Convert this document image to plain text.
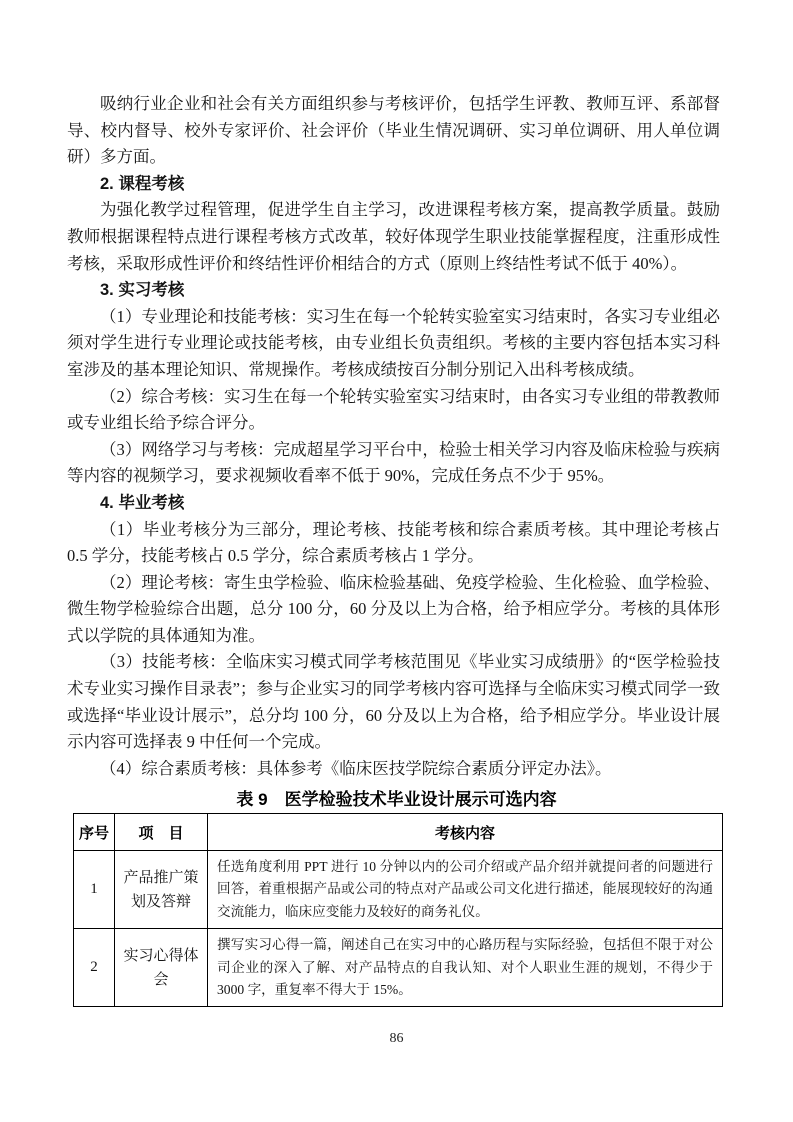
吸纳行业企业和社会有关方面组织参与考核评价，包括学生评教、教师互评、系部督导、校内督导、校外专家评价、社会评价（毕业生情况调研、实习单位调研、用人单位调研）多方面。

2. 课程考核

为强化教学过程管理，促进学生自主学习，改进课程考核方案，提高教学质量。鼓励教师根据课程特点进行课程考核方式改革，较好体现学生职业技能掌握程度，注重形成性考核，采取形成性评价和终结性评价相结合的方式（原则上终结性考试不低于 40%）。

3. 实习考核

（1）专业理论和技能考核：实习生在每一个轮转实验室实习结束时，各实习专业组必须对学生进行专业理论或技能考核，由专业组长负责组织。考核的主要内容包括本实习科室涉及的基本理论知识、常规操作。考核成绩按百分制分别记入出科考核成绩。

（2）综合考核：实习生在每一个轮转实验室实习结束时，由各实习专业组的带教教师或专业组长给予综合评分。

（3）网络学习与考核：完成超星学习平台中，检验士相关学习内容及临床检验与疾病等内容的视频学习，要求视频收看率不低于 90%，完成任务点不少于 95%。

4. 毕业考核

（1）毕业考核分为三部分，理论考核、技能考核和综合素质考核。其中理论考核占 0.5 学分，技能考核占 0.5 学分，综合素质考核占 1 学分。

（2）理论考核：寄生虫学检验、临床检验基础、免疫学检验、生化检验、血学检验、微生物学检验综合出题，总分 100 分，60 分及以上为合格，给予相应学分。考核的具体形式以学院的具体通知为准。

（3）技能考核：全临床实习模式同学考核范围见《毕业实习成绩册》的“医学检验技术专业实习操作目录表”；参与企业实习的同学考核内容可选择与全临床实习模式同学一致或选择“毕业设计展示”，总分均 100 分，60 分及以上为合格，给予相应学分。毕业设计展示内容可选择表 9 中任何一个完成。

（4）综合素质考核：具体参考《临床医技学院综合素质分评定办法》。

表 9　医学检验技术毕业设计展示可选内容
序号	项　目	考核内容
1	产品推广策划及答辩	任选角度利用 PPT 进行 10 分钟以内的公司介绍或产品介绍并就提问者的问题进行回答，着重根据产品或公司的特点对产品或公司文化进行描述，能展现较好的沟通交流能力，临床应变能力及较好的商务礼仪。
2	实习心得体会	撰写实习心得一篇，阐述自己在实习中的心路历程与实际经验，包括但不限于对公司企业的深入了解、对产品特点的自我认知、对个人职业生涯的规划，不得少于 3000 字，重复率不得大于 15%。
86
